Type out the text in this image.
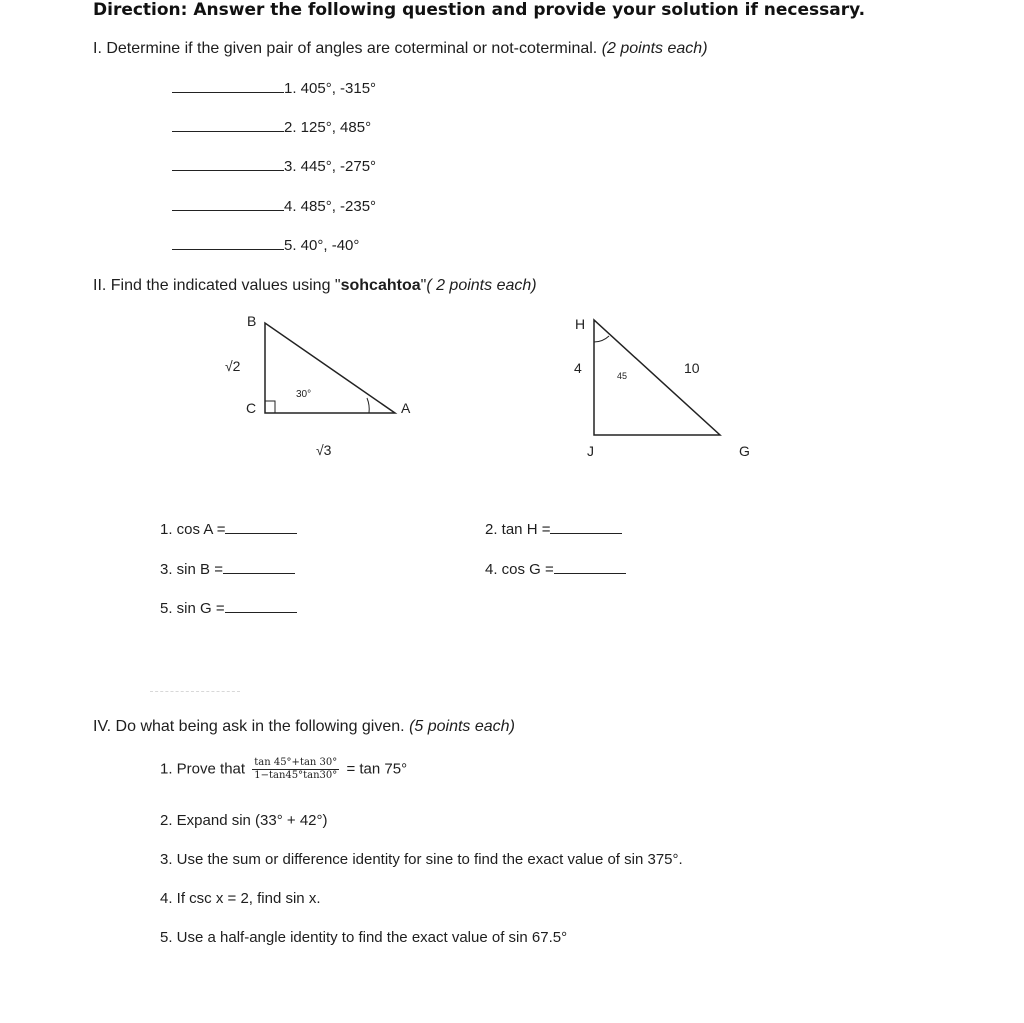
Direction: Answer the following question and provide your solution if necessary.
I. Determine if the given pair of angles are coterminal or not-coterminal. (2 points each)
1. 405°, -315°
2. 125°, 485°
3. 445°, -275°
4. 485°, -235°
5. 40°, -40°
II. Find the indicated values using "sohcahtoa"( 2 points each)
B
C	A
√2
√3
30°
H
J	G
4	10
45
1. cos A =	2. tan H =
3. sin B =	4. cos G =
5. sin G =
IV. Do what being ask in the following given. (5 points each)
1. Prove that $\frac{\tan 45^\circ+\tan 30^\circ}{1-\tan 45^\circ\tan 30^\circ} = \tan 75^\circ$
2. Expand sin (33° + 42°)
3. Use the sum or difference identity for sine to find the exact value of sin 375°.
4. If csc x = 2, find sin x.
5. Use a half-angle identity to find the exact value of sin 67.5°
